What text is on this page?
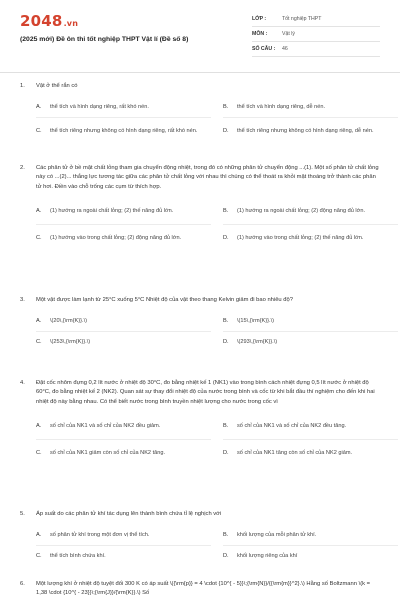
2048.vn
(2025 mới) Đề ôn thi tốt nghiệp THPT Vật lí (Đề số 8)
LỚP :	Tốt nghiệp THPT
MÔN :	Vật lý
SỐ CÂU :	46
1.	Vật ở thể rắn có
A.	thể tích và hình dạng riêng, rất khó nén.	B.	thể tích và hình dạng riêng, dễ nén.
C.	thể tích riêng nhưng không có hình dạng riêng, rất khó nén.	D.	thể tích riêng nhưng không có hình dạng riêng, dễ nén.
2.	Các phân tử ở bề mặt chất lỏng tham gia chuyển động nhiệt, trong đó có những phân tử chuyển động ...(1). Một số phân tử chất lỏng này có ...(2)... thắng lực tương tác giữa các phân tử chất lỏng với nhau thì chúng có thể thoát ra khỏi mặt thoáng trở thành các phân tử hơi. Điền vào chỗ trống các cụm từ thích hợp.
A.	(1) hướng ra ngoài chất lỏng; (2) thế năng đủ lớn.	B.	(1) hướng ra ngoài chất lỏng; (2) động năng đủ lớn.
C.	(1) hướng vào trong chất lỏng; (2) động năng đủ lớn.	D.	(1) hướng vào trong chất lỏng; (2) thế năng đủ lớn.
3.	Một vật được làm lạnh từ 25°C xuống 5°C Nhiệt độ của vật theo thang Kelvin giảm đi bao nhiêu độ?
A.	\(20\,{\rm{K}}.\)	B.	\(15\,{\rm{K}}.\)
C.	\(253\,{\rm{K}}.\)	D.	\(293\,{\rm{K}}.\)
4.	Đặt cốc nhôm đựng 0,2 lít nước ở nhiệt độ 30°C, đo bằng nhiệt kế 1 (NK1) vào trong bình cách nhiệt đựng 0,5 lít nước ở nhiệt độ 60°C, đo bằng nhiệt kế 2 (NK2). Quan sát sự thay đổi nhiệt độ của nước trong bình và cốc từ khi bắt đầu thí nghiệm cho đến khi hai nhiệt độ này bằng nhau. Có thể biết nước trong bình truyền nhiệt lượng cho nước trong cốc vì
A.	số chỉ của NK1 và số chỉ của NK2 đều giảm.	B.	số chỉ của NK1 và số chỉ của NK2 đều tăng.
C.	số chỉ của NK1 giảm còn số chỉ của NK2 tăng.	D.	số chỉ của NK1 tăng còn số chỉ của NK2 giảm.
5.	Áp suất do các phân tử khí tác dụng lên thành bình chứa tỉ lệ nghịch với
A.	số phân tử khí trong một đơn vị thể tích.	B.	khối lượng của mỗi phân tử khí.
C.	thể tích bình chứa khí.	D.	khối lượng riêng của khí
6.	Một lượng khí ở nhiệt độ tuyệt đối 300 K có áp suất \({\rm{p}} = 4 \cdot {10^{ - 5}}\;{\rm{N}}/{{\rm{m}}^2}.\) Hằng số Boltzmann \(k = 1,38 \cdot {10^{ - 23}}\;{\rm{J}}/{\rm{K}}.\) Số
